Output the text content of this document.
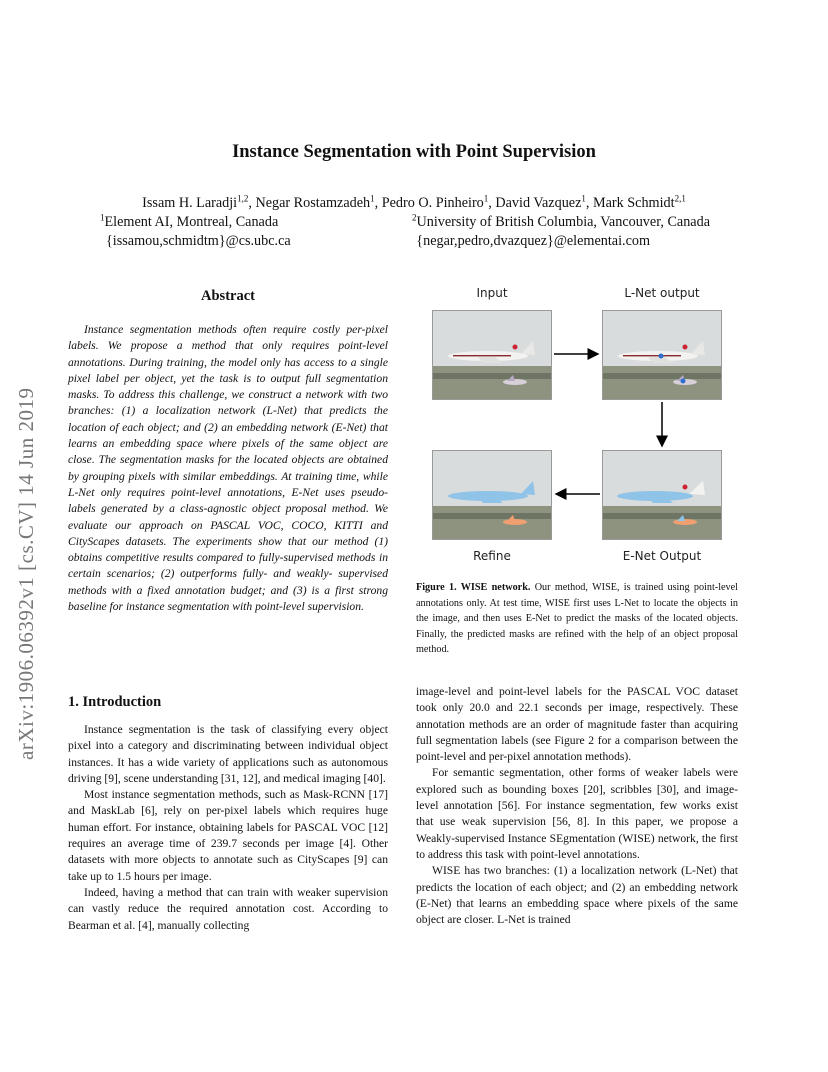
Instance Segmentation with Point Supervision
Issam H. Laradji$^{1,2}$, Negar Rostamzadeh$^1$, Pedro O. Pinheiro$^1$, David Vazquez$^1$, Mark Schmidt$^{2,1}$
$^1$Element AI, Montreal, Canada	$^2$University of British Columbia, Vancouver, Canada
{issamou,schmidtm}@cs.ubc.ca	{negar,pedro,dvazquez}@elementai.com
arXiv:1906.06392v1 [cs.CV] 14 Jun 2019
Abstract

Instance segmentation methods often require costly per-pixel labels. We propose a method that only requires point-level annotations. During training, the model only has access to a single pixel label per object, yet the task is to output full segmentation masks. To address this challenge, we construct a network with two branches: (1) a localization network (L-Net) that predicts the location of each object; and (2) an embedding network (E-Net) that learns an embedding space where pixels of the same object are close. The segmentation masks for the located objects are obtained by grouping pixels with similar embeddings. At training time, while L-Net only requires point-level annotations, E-Net uses pseudo-labels generated by a class-agnostic object proposal method. We evaluate our approach on PASCAL VOC, COCO, KITTI and CityScapes datasets. The experiments show that our method (1) obtains competitive results compared to fully-supervised methods in certain scenarios; (2) outperforms fully- and weakly- supervised methods with a fixed annotation budget; and (3) is a first strong baseline for instance segmentation with point-level supervision.

Input	L-Net output
Refine	E-Net Output
Figure 1. WISE network. Our method, WISE, is trained using point-level annotations only. At test time, WISE first uses L-Net to locate the objects in the image, and then uses E-Net to predict the masks of the located objects. Finally, the predicted masks are refined with the help of an object proposal method.
1. Introduction

Instance segmentation is the task of classifying every object pixel into a category and discriminating between individual object instances. It has a wide variety of applications such as autonomous driving [9], scene understanding [31, 12], and medical imaging [40].

Most instance segmentation methods, such as Mask-RCNN [17] and MaskLab [6], rely on per-pixel labels which requires huge human effort. For instance, obtaining labels for PASCAL VOC [12] requires an average time of 239.7 seconds per image [4]. Other datasets with more objects to annotate such as CityScapes [9] can take up to 1.5 hours per image.

Indeed, having a method that can train with weaker supervision can vastly reduce the required annotation cost. According to Bearman et al. [4], manually collecting

image-level and point-level labels for the PASCAL VOC dataset took only 20.0 and 22.1 seconds per image, respectively. These annotation methods are an order of magnitude faster than acquiring full segmentation labels (see Figure 2 for a comparison between the point-level and per-pixel annotation methods).

For semantic segmentation, other forms of weaker labels were explored such as bounding boxes [20], scribbles [30], and image-level annotation [56]. For instance segmentation, few works exist that use weak supervision [56, 8]. In this paper, we propose a Weakly-supervised Instance SEgmentation (WISE) network, the first to address this task with point-level annotations.

WISE has two branches: (1) a localization network (L-Net) that predicts the location of each object; and (2) an embedding network (E-Net) that learns an embedding space where pixels of the same object are closer. L-Net is trained
